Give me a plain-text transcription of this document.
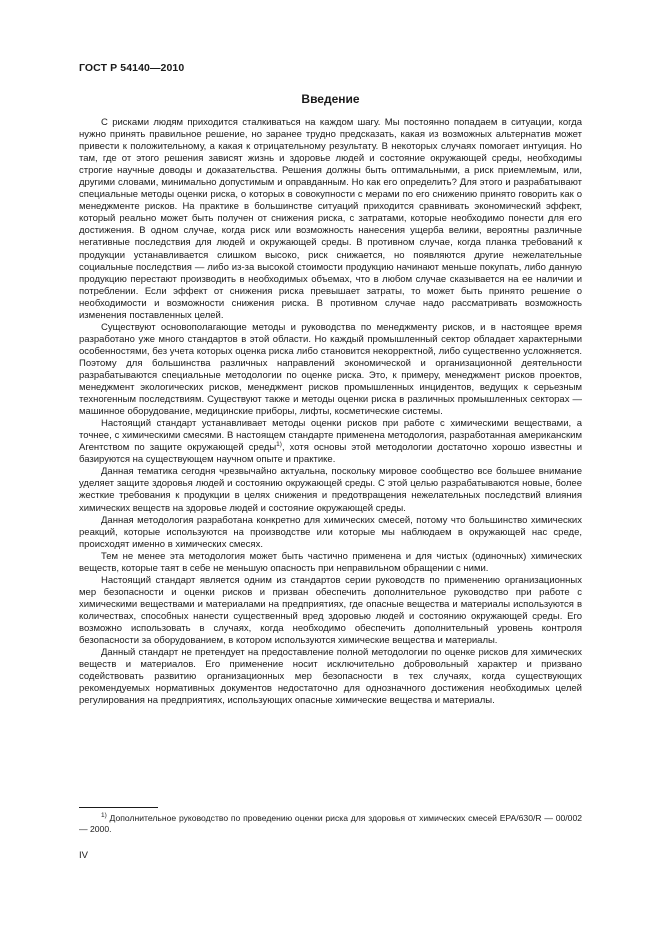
ГОСТ Р 54140—2010
Введение

С рисками людям приходится сталкиваться на каждом шагу. Мы постоянно попадаем в ситуации, когда нужно принять правильное решение, но заранее трудно предсказать, какая из возможных альтернатив может привести к положительному, а какая к отрицательному результату. В некоторых случаях помогает интуиция. Но там, где от этого решения зависят жизнь и здоровье людей и состояние окружающей среды, необходимы строгие научные доводы и доказательства. Решения должны быть оптимальными, а риск приемлемым, или, другими словами, минимально допустимым и оправданным. Но как его определить? Для этого и разрабатывают специальные методы оценки риска, о которых в совокупности с мерами по его снижению принято говорить как о менеджменте рисков. На практике в большинстве ситуаций приходится сравнивать экономический эффект, который реально может быть получен от снижения риска, с затратами, которые необходимо понести для его достижения. В одном случае, когда риск или возможность нанесения ущерба велики, вероятны различные негативные последствия для людей и окружающей среды. В противном случае, когда планка требований к продукции устанавливается слишком высоко, риск снижается, но появляются другие нежелательные социальные последствия — либо из-за высокой стоимости продукцию начинают меньше покупать, либо данную продукцию перестают производить в необходимых объемах, что в любом случае сказывается на ее наличии и потреблении. Если эффект от снижения риска превышает затраты, то может быть принято решение о необходимости и возможности снижения риска. В противном случае надо рассматривать возможность изменения поставленных целей.

Существуют основополагающие методы и руководства по менеджменту рисков, и в настоящее время разработано уже много стандартов в этой области. Но каждый промышленный сектор обладает характерными особенностями, без учета которых оценка риска либо становится некорректной, либо существенно усложняется. Поэтому для большинства различных направлений экономической и организационной деятельности разрабатываются специальные методологии по оценке риска. Это, к примеру, менеджмент рисков проектов, менеджмент экологических рисков, менеджмент рисков промышленных инцидентов, ведущих к серьезным техногенным последствиям. Существуют также и методы оценки риска в различных промышленных секторах — машинное оборудование, медицинские приборы, лифты, косметические системы.

Настоящий стандарт устанавливает методы оценки рисков при работе с химическими веществами, а точнее, с химическими смесями. В настоящем стандарте применена методология, разработанная американским Агентством по защите окружающей среды$^{1)}$, хотя основы этой методологии достаточно хорошо известны и базируются на существующем научном опыте и практике.

Данная тематика сегодня чрезвычайно актуальна, поскольку мировое сообщество все большее внимание уделяет защите здоровья людей и состоянию окружающей среды. С этой целью разрабатываются новые, более жесткие требования к продукции в целях снижения и предотвращения нежелательных последствий влияния химических веществ на здоровье людей и состояние окружающей среды.

Данная методология разработана конкретно для химических смесей, потому что большинство химических реакций, которые используются на производстве или которые мы наблюдаем в окружающей нас среде, происходят именно в химических смесях.

Тем не менее эта методология может быть частично применена и для чистых (одиночных) химических веществ, которые таят в себе не меньшую опасность при неправильном обращении с ними.

Настоящий стандарт является одним из стандартов серии руководств по применению организационных мер безопасности и оценки рисков и призван обеспечить дополнительное руководство при работе с химическими веществами и материалами на предприятиях, где опасные вещества и материалы используются в количествах, способных нанести существенный вред здоровью людей и состоянию окружающей среды. Его возможно использовать в случаях, когда необходимо обеспечить дополнительный уровень контроля безопасности за оборудованием, в котором используются химические вещества и материалы.

Данный стандарт не претендует на предоставление полной методологии по оценке рисков для химических веществ и материалов. Его применение носит исключительно добровольный характер и призвано содействовать развитию организационных мер безопасности в тех случаях, когда существующих рекомендуемых нормативных документов недостаточно для однозначного достижения необходимых целей регулирования на предприятиях, использующих опасные химические вещества и материалы.

$^{1)}$ Дополнительное руководство по проведению оценки риска для здоровья от химических смесей EPA/630/R — 00/002 — 2000.
IV
